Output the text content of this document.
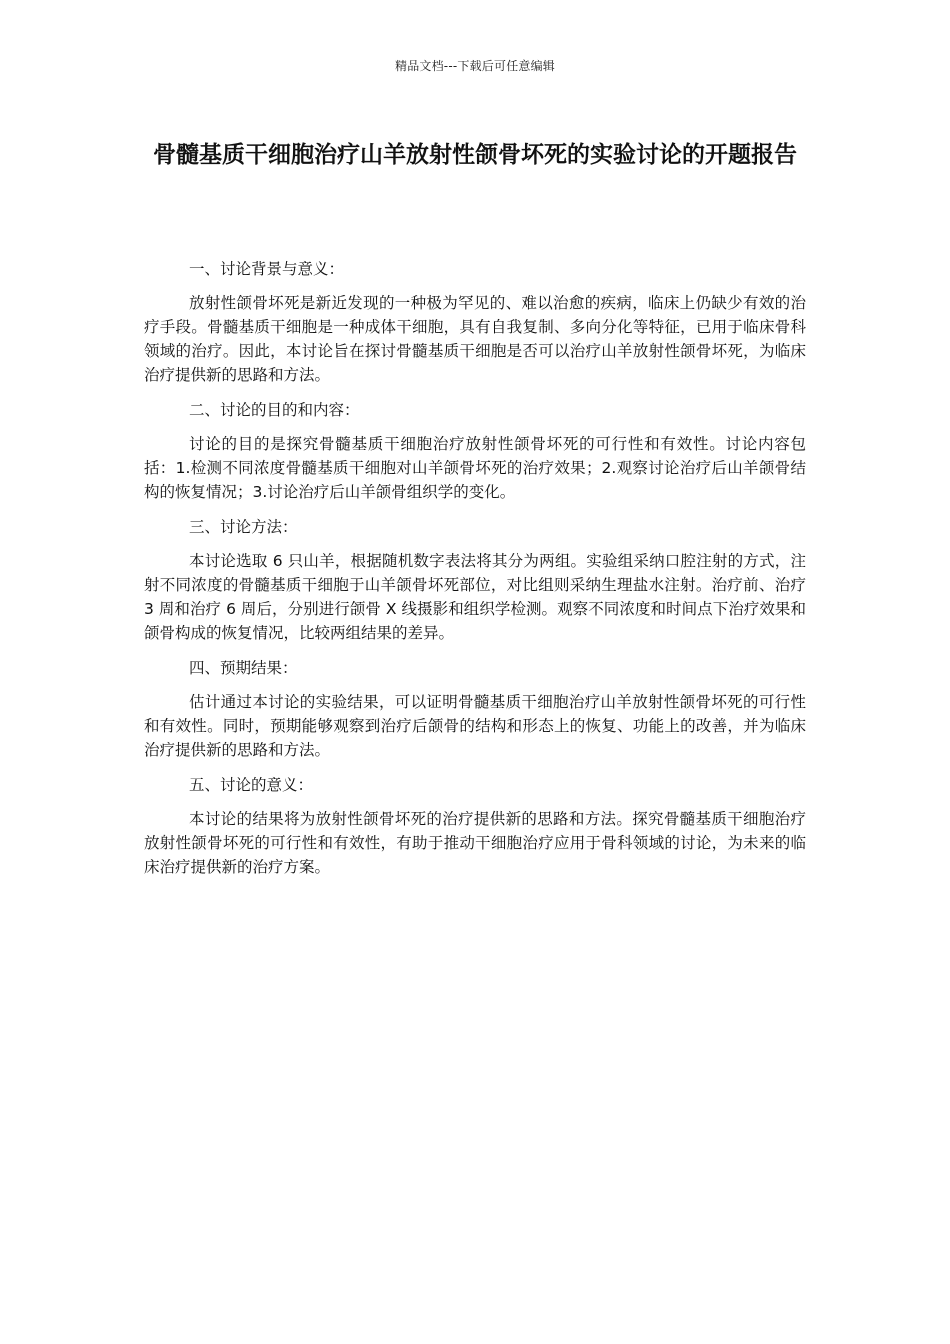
精品文档---下载后可任意编辑
骨髓基质干细胞治疗山羊放射性颌骨坏死的实验讨论的开题报告

一、讨论背景与意义：

放射性颌骨坏死是新近发现的一种极为罕见的、难以治愈的疾病，临床上仍缺少有效的治疗手段。骨髓基质干细胞是一种成体干细胞，具有自我复制、多向分化等特征，已用于临床骨科领域的治疗。因此，本讨论旨在探讨骨髓基质干细胞是否可以治疗山羊放射性颌骨坏死，为临床治疗提供新的思路和方法。

二、讨论的目的和内容：

讨论的目的是探究骨髓基质干细胞治疗放射性颌骨坏死的可行性和有效性。讨论内容包括：1.检测不同浓度骨髓基质干细胞对山羊颌骨坏死的治疗效果；2.观察讨论治疗后山羊颌骨结构的恢复情况；3.讨论治疗后山羊颌骨组织学的变化。

三、讨论方法：

本讨论选取 6 只山羊，根据随机数字表法将其分为两组。实验组采纳口腔注射的方式，注射不同浓度的骨髓基质干细胞于山羊颌骨坏死部位，对比组则采纳生理盐水注射。治疗前、治疗 3 周和治疗 6 周后，分别进行颌骨 X 线摄影和组织学检测。观察不同浓度和时间点下治疗效果和颌骨构成的恢复情况，比较两组结果的差异。

四、预期结果：

估计通过本讨论的实验结果，可以证明骨髓基质干细胞治疗山羊放射性颌骨坏死的可行性和有效性。同时，预期能够观察到治疗后颌骨的结构和形态上的恢复、功能上的改善，并为临床治疗提供新的思路和方法。

五、讨论的意义：

本讨论的结果将为放射性颌骨坏死的治疗提供新的思路和方法。探究骨髓基质干细胞治疗放射性颌骨坏死的可行性和有效性，有助于推动干细胞治疗应用于骨科领域的讨论，为未来的临床治疗提供新的治疗方案。
